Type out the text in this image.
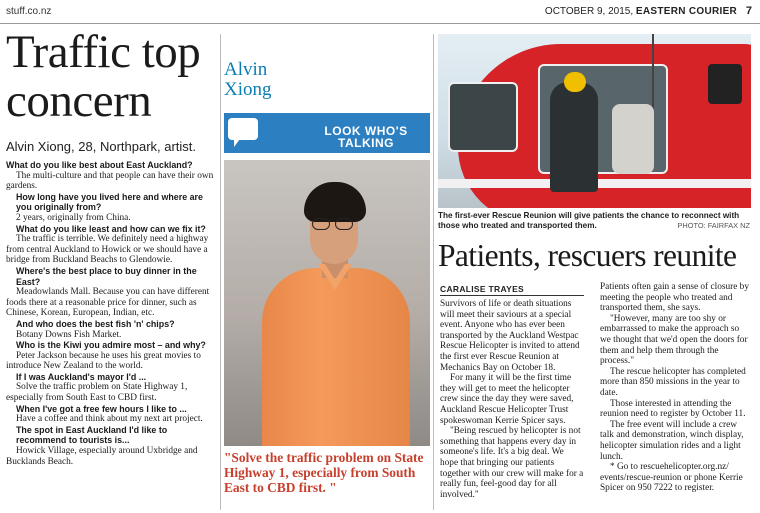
stuff.co.nz	OCTOBER 9, 2015, EASTERN COURIER 7
Traffic top
concern
Alvin Xiong, 28, Northpark, artist.

What do you like best about East Auckland?

The multi-culture and that people can have their own gardens.

How long have you lived here and where are you originally from?

2 years, originally from China.

What do you like least and how can we fix it?

The traffic is terrible. We definitely need a highway from central Auckland to Howick or we should have a bridge from Buckland Beachs to Glendowie.

Where's the best place to buy dinner in the East?

Meadowlands Mall. Because you can have different foods there at a reasonable price for dinner, such as Chinese, Korean, European, Indian, etc.

And who does the best fish 'n' chips?

Botany Downs Fish Market.

Who is the Kiwi you admire most – and why?

Peter Jackson because he uses his great movies to introduce New Zealand to the world.

If I was Auckland's mayor I'd ...

Solve the traffic problem on State Highway 1, especially from South East to CBD first.

When I've got a free few hours I like to ...

Have a coffee and think about my next art project.

The spot in East Auckland I'd like to recommend to tourists is...

Howick Village, especially around Uxbridge and Bucklands Beach.

Alvin
Xiong
LOOK WHO'S
TALKING
"Solve the traffic problem on State Highway 1, especially from South East to CBD first. "
The first-ever Rescue Reunion will give patients the chance to reconnect with those who treated and transported them.	PHOTO: FAIRFAX NZ
Patients, rescuers reunite
CARALISE TRAYES

Survivors of life or death situations will meet their saviours at a special event. Anyone who has ever been transported by the Auckland Westpac Rescue Helicopter is invited to attend the first ever Rescue Reunion at Mechanics Bay on October 18.

For many it will be the first time they will get to meet the helicopter crew since the day they were saved, Auckland Rescue Helicopter Trust spokeswoman Kerrie Spicer says.

"Being rescued by helicopter is not something that happens every day in someone's life. It's a big deal. We hope that bringing our patients together with our crew will make for a really fun, feel-good day for all involved."

Patients often gain a sense of closure by meeting the people who treated and transported them, she says.

"However, many are too shy or embarrassed to make the approach so we thought that we'd open the doors for them and help them through the process."

The rescue helicopter has completed more than 850 missions in the year to date.

Those interested in attending the reunion need to register by October 11.

The free event will include a crew talk and demonstration, winch display, helicopter simulation rides and a light lunch.

* Go to rescuehelicopter.org.nz/ events/rescue-reunion or phone Kerrie Spicer on 950 7222 to register.
